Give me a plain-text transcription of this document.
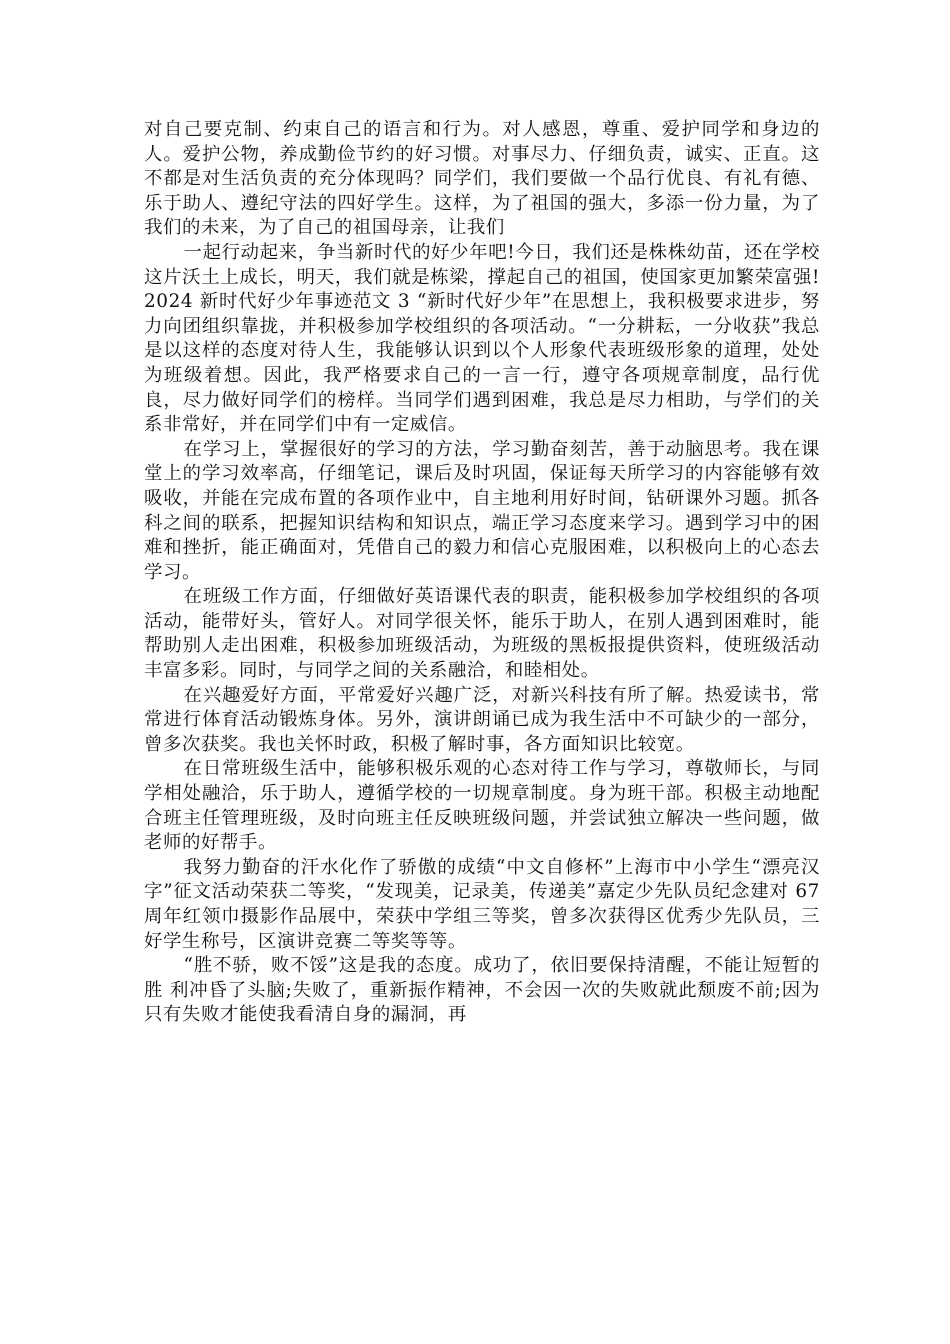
对自己要克制、约束自己的语言和行为。对人感恩，尊重、爱护同学和身边的人。爱护公物，养成勤俭节约的好习惯。对事尽力、仔细负责，诚实、正直。这不都是对生活负责的充分体现吗？同学们，我们要做一个品行优良、有礼有德、乐于助人、遵纪守法的四好学生。这样，为了祖国的强大，多添一份力量，为了我们的未来，为了自己的祖国母亲，让我们

一起行动起来，争当新时代的好少年吧!今日，我们还是株株幼苗，还在学校这片沃土上成长，明天，我们就是栋梁，撑起自己的祖国，使国家更加繁荣富强! 2024 新时代好少年事迹范文 3 “新时代好少年”在思想上，我积极要求进步，努力向团组织靠拢，并积极参加学校组织的各项活动。“一分耕耘，一分收获”我总是以这样的态度对待人生，我能够认识到以个人形象代表班级形象的道理，处处为班级着想。因此，我严格要求自己的一言一行，遵守各项规章制度，品行优良，尽力做好同学们的榜样。当同学们遇到困难，我总是尽力相助，与学们的关系非常好，并在同学们中有一定威信。

在学习上，掌握很好的学习的方法，学习勤奋刻苦，善于动脑思考。我在课堂上的学习效率高，仔细笔记，课后及时巩固，保证每天所学习的内容能够有效吸收，并能在完成布置的各项作业中，自主地利用好时间，钻研课外习题。抓各科之间的联系，把握知识结构和知识点，端正学习态度来学习。遇到学习中的困难和挫折，能正确面对，凭借自己的毅力和信心克服困难，以积极向上的心态去学习。

在班级工作方面，仔细做好英语课代表的职责，能积极参加学校组织的各项活动，能带好头，管好人。对同学很关怀，能乐于助人，在别人遇到困难时，能帮助别人走出困难，积极参加班级活动，为班级的黑板报提供资料，使班级活动丰富多彩。同时，与同学之间的关系融洽，和睦相处。

在兴趣爱好方面，平常爱好兴趣广泛，对新兴科技有所了解。热爱读书，常常进行体育活动锻炼身体。另外，演讲朗诵已成为我生活中不可缺少的一部分，曾多次获奖。我也关怀时政，积极了解时事，各方面知识比较宽。

在日常班级生活中，能够积极乐观的心态对待工作与学习，尊敬师长，与同学相处融洽，乐于助人，遵循学校的一切规章制度。身为班干部。积极主动地配合班主任管理班级，及时向班主任反映班级问题，并尝试独立解决一些问题，做老师的好帮手。

我努力勤奋的汗水化作了骄傲的成绩“中文自修杯”上海市中小学生“漂亮汉字”征文活动荣获二等奖，“发现美，记录美，传递美”嘉定少先队员纪念建对 67 周年红领巾摄影作品展中，荣获中学组三等奖，曾多次获得区优秀少先队员，三好学生称号，区演讲竞赛二等奖等等。

“胜不骄，败不馁”这是我的态度。成功了，依旧要保持清醒，不能让短暂的胜 利冲昏了头脑;失败了，重新振作精神，不会因一次的失败就此颓废不前;因为只有失败才能使我看清自身的漏洞，再
